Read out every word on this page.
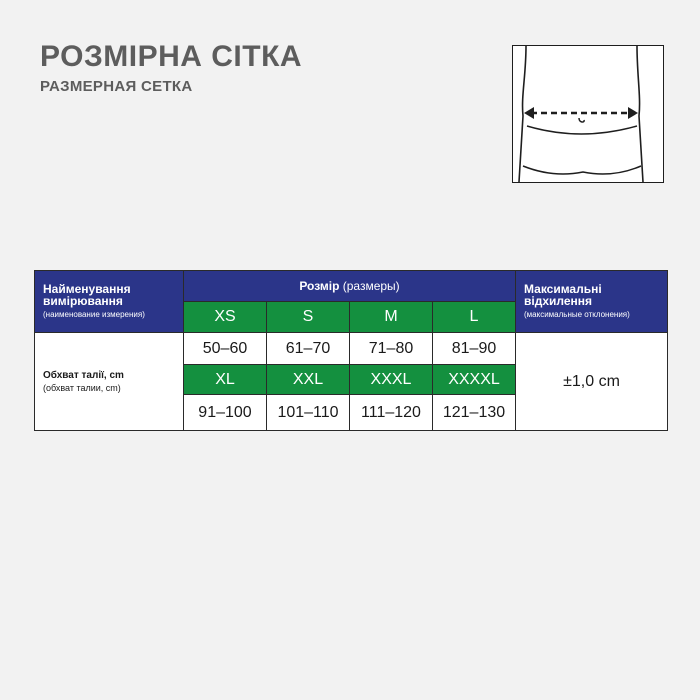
РОЗМІРНА СІТКА
РАЗМЕРНАЯ СЕТКА
Найменування
вимірювання
(наименование измерения)	Розмір (размеры)				Максимальні
відхилення
(максимальные отклонения)

	XS	S	M	L	

Обхват талії, cm
(обхват талии, cm)	50–60	61–70	71–80	81–90	±1,0 cm
	XL	XXL	XXXL	XXXXL	
	91–100	101–110	111–120	121–130	
